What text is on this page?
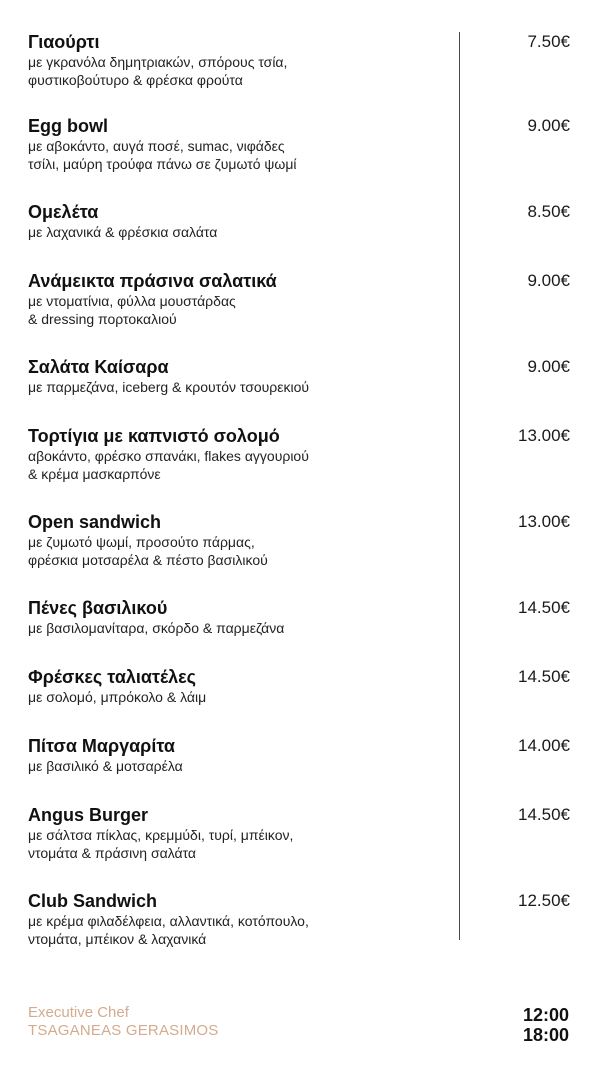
Γιαούρτι
με γκρανόλα δημητριακών, σπόρους τσία,
φυστικοβούτυρο & φρέσκα φρούτα
7.50€
Egg bowl
με αβοκάντο, αυγά ποσέ, sumac, νιφάδες
τσίλι, μαύρη τρούφα πάνω σε ζυμωτό ψωμί
9.00€
Ομελέτα
με λαχανικά & φρέσκια σαλάτα
8.50€
Ανάμεικτα πράσινα σαλατικά
με ντοματίνια, φύλλα μουστάρδας
& dressing πορτοκαλιού
9.00€
Σαλάτα Καίσαρα
με παρμεζάνα, iceberg & κρουτόν τσουρεκιού
9.00€
Τορτίγια με καπνιστό σολομό
αβοκάντο, φρέσκο σπανάκι, flakes αγγουριού
& κρέμα μασκαρπόνε
13.00€
Open sandwich
με ζυμωτό ψωμί, προσούτο πάρμας,
φρέσκια μοτσαρέλα & πέστο βασιλικού
13.00€
Πένες βασιλικού
με βασιλομανίταρα, σκόρδο & παρμεζάνα
14.50€
Φρέσκες ταλιατέλες
με σολομό, μπρόκολο & λάιμ
14.50€
Πίτσα Μαργαρίτα
με βασιλικό & μοτσαρέλα
14.00€
Angus Burger
με σάλτσα πίκλας, κρεμμύδι, τυρί, μπέικον,
ντομάτα & πράσινη σαλάτα
14.50€
Club Sandwich
με κρέμα φιλαδέλφεια, αλλαντικά, κοτόπουλο,
ντομάτα, μπέικον & λαχανικά
12.50€
Executive Chef
TSAGANEAS GERASIMOS
12:00
18:00
